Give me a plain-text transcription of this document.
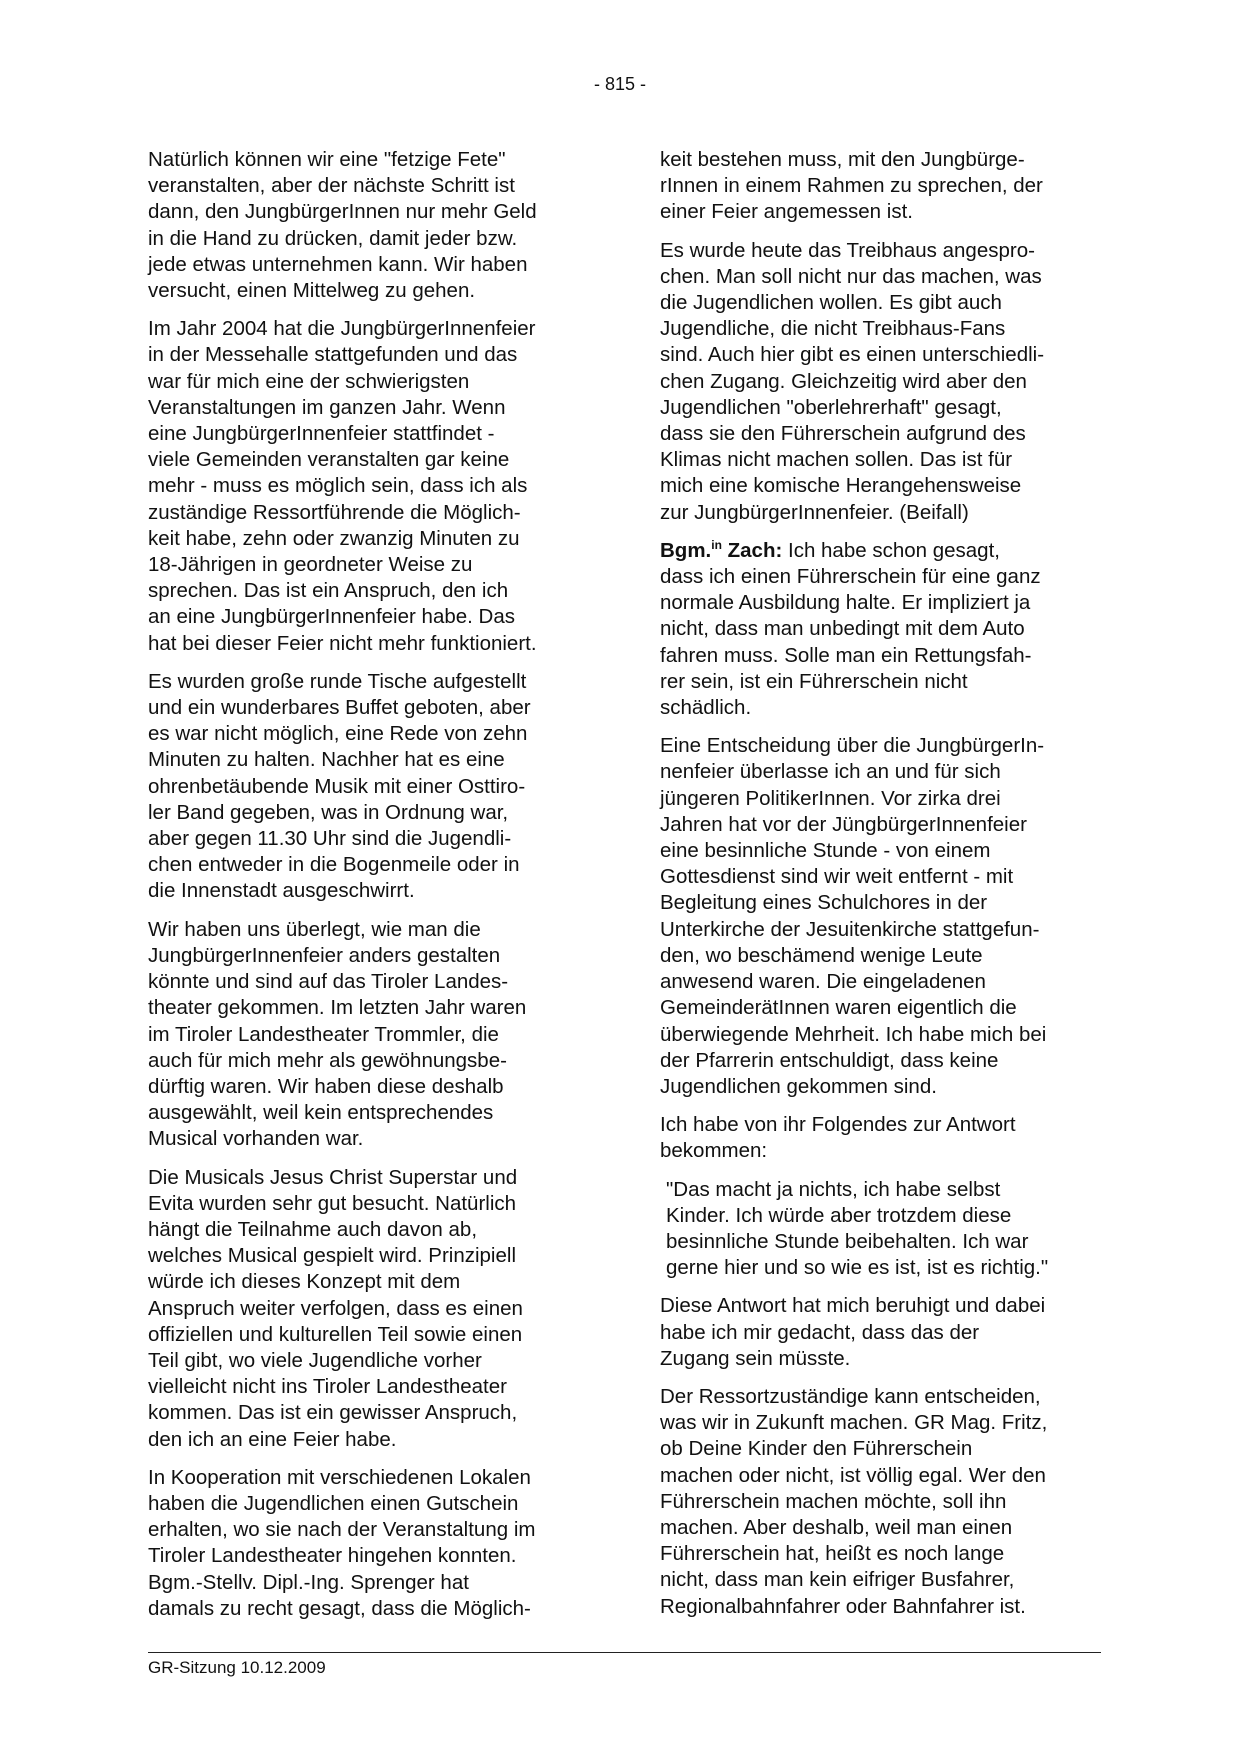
- 815 -

Natürlich können wir eine "fetzige Fete"
veranstalten, aber der nächste Schritt ist
dann, den JungbürgerInnen nur mehr Geld
in die Hand zu drücken, damit jeder bzw.
jede etwas unternehmen kann. Wir haben
versucht, einen Mittelweg zu gehen.

Im Jahr 2004 hat die JungbürgerInnenfeier
in der Messehalle stattgefunden und das
war für mich eine der schwierigsten
Veranstaltungen im ganzen Jahr. Wenn
eine JungbürgerInnenfeier stattfindet -
viele Gemeinden veranstalten gar keine
mehr - muss es möglich sein, dass ich als
zuständige Ressortführende die Möglich-
keit habe, zehn oder zwanzig Minuten zu
18-Jährigen in geordneter Weise zu
sprechen. Das ist ein Anspruch, den ich
an eine JungbürgerInnenfeier habe. Das
hat bei dieser Feier nicht mehr funktioniert.

Es wurden große runde Tische aufgestellt
und ein wunderbares Buffet geboten, aber
es war nicht möglich, eine Rede von zehn
Minuten zu halten. Nachher hat es eine
ohrenbetäubende Musik mit einer Osttiro-
ler Band gegeben, was in Ordnung war,
aber gegen 11.30 Uhr sind die Jugendli-
chen entweder in die Bogenmeile oder in
die Innenstadt ausgeschwirrt.

Wir haben uns überlegt, wie man die
JungbürgerInnenfeier anders gestalten
könnte und sind auf das Tiroler Landes-
theater gekommen. Im letzten Jahr waren
im Tiroler Landestheater Trommler, die
auch für mich mehr als gewöhnungsbe-
dürftig waren. Wir haben diese deshalb
ausgewählt, weil kein entsprechendes
Musical vorhanden war.

Die Musicals Jesus Christ Superstar und
Evita wurden sehr gut besucht. Natürlich
hängt die Teilnahme auch davon ab,
welches Musical gespielt wird. Prinzipiell
würde ich dieses Konzept mit dem
Anspruch weiter verfolgen, dass es einen
offiziellen und kulturellen Teil sowie einen
Teil gibt, wo viele Jugendliche vorher
vielleicht nicht ins Tiroler Landestheater
kommen. Das ist ein gewisser Anspruch,
den ich an eine Feier habe.

In Kooperation mit verschiedenen Lokalen
haben die Jugendlichen einen Gutschein
erhalten, wo sie nach der Veranstaltung im
Tiroler Landestheater hingehen konnten.
Bgm.-Stellv. Dipl.-Ing. Sprenger hat
damals zu recht gesagt, dass die Möglich-

keit bestehen muss, mit den Jungbürge-
rInnen in einem Rahmen zu sprechen, der
einer Feier angemessen ist.

Es wurde heute das Treibhaus angespro-
chen. Man soll nicht nur das machen, was
die Jugendlichen wollen. Es gibt auch
Jugendliche, die nicht Treibhaus-Fans
sind. Auch hier gibt es einen unterschiedli-
chen Zugang. Gleichzeitig wird aber den
Jugendlichen "oberlehrerhaft" gesagt,
dass sie den Führerschein aufgrund des
Klimas nicht machen sollen. Das ist für
mich eine komische Herangehensweise
zur JungbürgerInnenfeier. (Beifall)

Bgm.$^{in}$ Zach: Ich habe schon gesagt,
dass ich einen Führerschein für eine ganz
normale Ausbildung halte. Er impliziert ja
nicht, dass man unbedingt mit dem Auto
fahren muss. Solle man ein Rettungsfah-
rer sein, ist ein Führerschein nicht
schädlich.

Eine Entscheidung über die JungbürgerIn-
nenfeier überlasse ich an und für sich
jüngeren PolitikerInnen. Vor zirka drei
Jahren hat vor der JüngbürgerInnenfeier
eine besinnliche Stunde - von einem
Gottesdienst sind wir weit entfernt - mit
Begleitung eines Schulchores in der
Unterkirche der Jesuitenkirche stattgefun-
den, wo beschämend wenige Leute
anwesend waren. Die eingeladenen
GemeinderätInnen waren eigentlich die
überwiegende Mehrheit. Ich habe mich bei
der Pfarrerin entschuldigt, dass keine
Jugendlichen gekommen sind.

Ich habe von ihr Folgendes zur Antwort
bekommen:

"Das macht ja nichts, ich habe selbst
Kinder. Ich würde aber trotzdem diese
besinnliche Stunde beibehalten. Ich war
gerne hier und so wie es ist, ist es richtig."

Diese Antwort hat mich beruhigt und dabei
habe ich mir gedacht, dass das der
Zugang sein müsste.

Der Ressortzuständige kann entscheiden,
was wir in Zukunft machen. GR Mag. Fritz,
ob Deine Kinder den Führerschein
machen oder nicht, ist völlig egal. Wer den
Führerschein machen möchte, soll ihn
machen. Aber deshalb, weil man einen
Führerschein hat, heißt es noch lange
nicht, dass man kein eifriger Busfahrer,
Regionalbahnfahrer oder Bahnfahrer ist.

GR-Sitzung 10.12.2009
